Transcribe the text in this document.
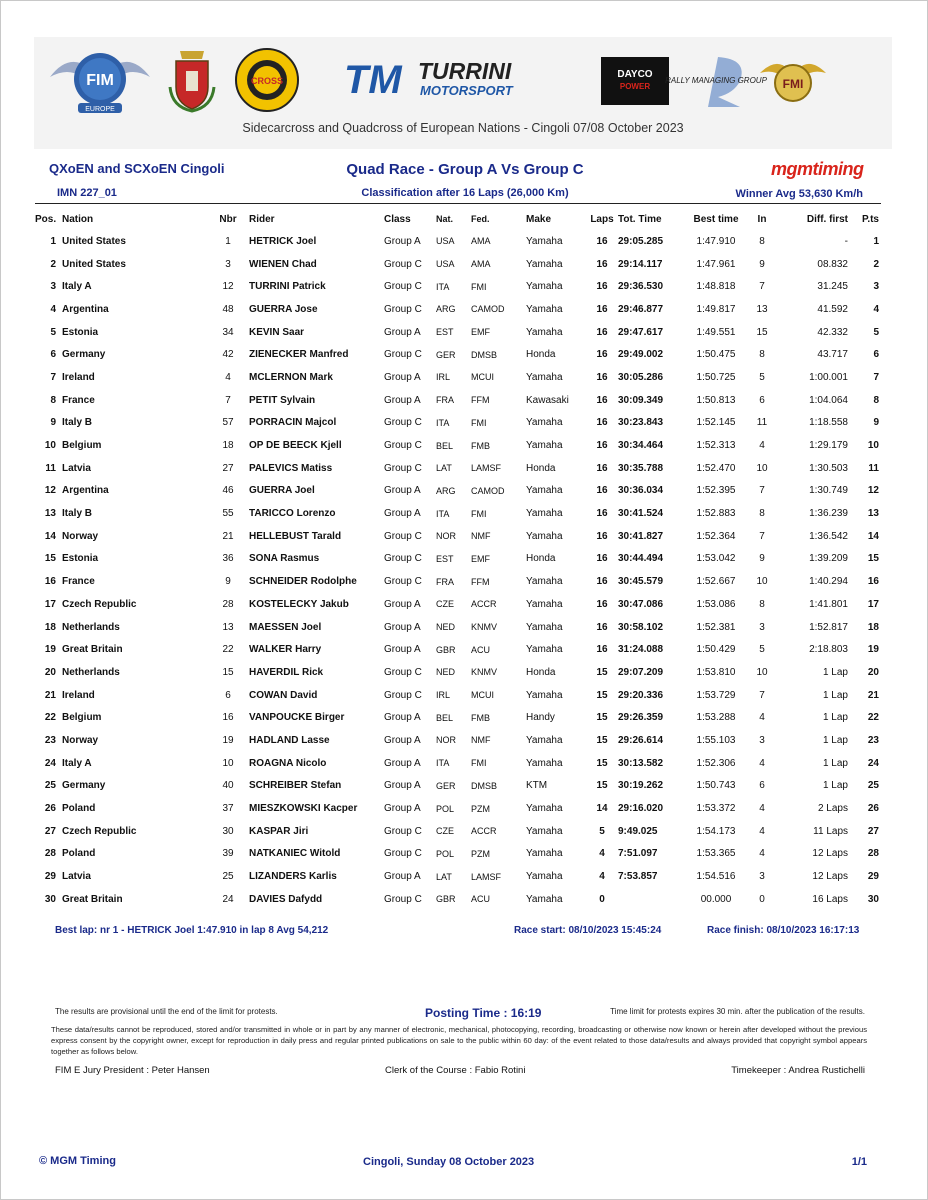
FIM
EUROPE
CROSS TM TURRINI
MOTORSPORT
DAYCO
POWER
RALLY MANAGING GROUP FMI
Sidecarcross and Quadcross of European Nations - Cingoli 07/08 October 2023
QXoEN and SCXoEN Cingoli
IMN 227_01
Quad Race - Group A Vs Group C
Classification after 16 Laps (26,000 Km)
mgmtiming
Winner Avg 53,630 Km/h
Pos.	Nation	Nbr	Rider	Class	Nat.	Fed.	Make	Laps	Tot. Time	Best time	In	Diff. first	P.ts
1	United States	1	HETRICK Joel	Group A	USA	AMA	Yamaha	16	29:05.285	1:47.910	8	-	1
2	United States	3	WIENEN Chad	Group C	USA	AMA	Yamaha	16	29:14.117	1:47.961	9	08.832	2
3	Italy A	12	TURRINI Patrick	Group C	ITA	FMI	Yamaha	16	29:36.530	1:48.818	7	31.245	3
4	Argentina	48	GUERRA Jose	Group C	ARG	CAMOD	Yamaha	16	29:46.877	1:49.817	13	41.592	4
5	Estonia	34	KEVIN Saar	Group A	EST	EMF	Yamaha	16	29:47.617	1:49.551	15	42.332	5
6	Germany	42	ZIENECKER Manfred	Group C	GER	DMSB	Honda	16	29:49.002	1:50.475	8	43.717	6
7	Ireland	4	MCLERNON Mark	Group A	IRL	MCUI	Yamaha	16	30:05.286	1:50.725	5	1:00.001	7
8	France	7	PETIT Sylvain	Group A	FRA	FFM	Kawasaki	16	30:09.349	1:50.813	6	1:04.064	8
9	Italy B	57	PORRACIN Majcol	Group C	ITA	FMI	Yamaha	16	30:23.843	1:52.145	11	1:18.558	9
10	Belgium	18	OP DE BEECK Kjell	Group C	BEL	FMB	Yamaha	16	30:34.464	1:52.313	4	1:29.179	10
11	Latvia	27	PALEVICS Matiss	Group C	LAT	LAMSF	Honda	16	30:35.788	1:52.470	10	1:30.503	11
12	Argentina	46	GUERRA Joel	Group A	ARG	CAMOD	Yamaha	16	30:36.034	1:52.395	7	1:30.749	12
13	Italy B	55	TARICCO Lorenzo	Group A	ITA	FMI	Yamaha	16	30:41.524	1:52.883	8	1:36.239	13
14	Norway	21	HELLEBUST Tarald	Group C	NOR	NMF	Yamaha	16	30:41.827	1:52.364	7	1:36.542	14
15	Estonia	36	SONA Rasmus	Group C	EST	EMF	Honda	16	30:44.494	1:53.042	9	1:39.209	15
16	France	9	SCHNEIDER Rodolphe	Group C	FRA	FFM	Yamaha	16	30:45.579	1:52.667	10	1:40.294	16
17	Czech Republic	28	KOSTELECKY Jakub	Group A	CZE	ACCR	Yamaha	16	30:47.086	1:53.086	8	1:41.801	17
18	Netherlands	13	MAESSEN Joel	Group A	NED	KNMV	Yamaha	16	30:58.102	1:52.381	3	1:52.817	18
19	Great Britain	22	WALKER Harry	Group A	GBR	ACU	Yamaha	16	31:24.088	1:50.429	5	2:18.803	19
20	Netherlands	15	HAVERDIL Rick	Group C	NED	KNMV	Honda	15	29:07.209	1:53.810	10	1 Lap	20
21	Ireland	6	COWAN David	Group C	IRL	MCUI	Yamaha	15	29:20.336	1:53.729	7	1 Lap	21
22	Belgium	16	VANPOUCKE Birger	Group A	BEL	FMB	Handy	15	29:26.359	1:53.288	4	1 Lap	22
23	Norway	19	HADLAND Lasse	Group A	NOR	NMF	Yamaha	15	29:26.614	1:55.103	3	1 Lap	23
24	Italy A	10	ROAGNA Nicolo	Group A	ITA	FMI	Yamaha	15	30:13.582	1:52.306	4	1 Lap	24
25	Germany	40	SCHREIBER Stefan	Group A	GER	DMSB	KTM	15	30:19.262	1:50.743	6	1 Lap	25
26	Poland	37	MIESZKOWSKI Kacper	Group A	POL	PZM	Yamaha	14	29:16.020	1:53.372	4	2 Laps	26
27	Czech Republic	30	KASPAR Jiri	Group C	CZE	ACCR	Yamaha	5	9:49.025	1:54.173	4	11 Laps	27
28	Poland	39	NATKANIEC Witold	Group C	POL	PZM	Yamaha	4	7:51.097	1:53.365	4	12 Laps	28
29	Latvia	25	LIZANDERS Karlis	Group A	LAT	LAMSF	Yamaha	4	7:53.857	1:54.516	3	12 Laps	29
30	Great Britain	24	DAVIES Dafydd	Group C	GBR	ACU	Yamaha	0		00.000	0	16 Laps	30
Best lap: nr 1 - HETRICK Joel 1:47.910 in lap 8 Avg 54,212	Race start: 08/10/2023 15:45:24	Race finish: 08/10/2023 16:17:13
The results are provisional until the end of the limit for protests.	Posting Time : 16:19	Time limit for protests expires 30 min. after the publication of the results.
These data/results cannot be reproduced, stored and/or transmitted in whole or in part by any manner of electronic, mechanical, photocopying, recording, broadcasting or otherwise now known or herein after developed without the previous express consent by the copyright owner, except for reproduction in daily press and regular printed publications on sale to the public within 60 day: of the event related to those data/results and always provided that copyright symbol appears together as follows below.
FIM E Jury President : Peter Hansen	Clerk of the Course : Fabio Rotini	Timekeeper : Andrea Rustichelli
© MGM Timing	Cingoli, Sunday 08 October 2023	1/1
